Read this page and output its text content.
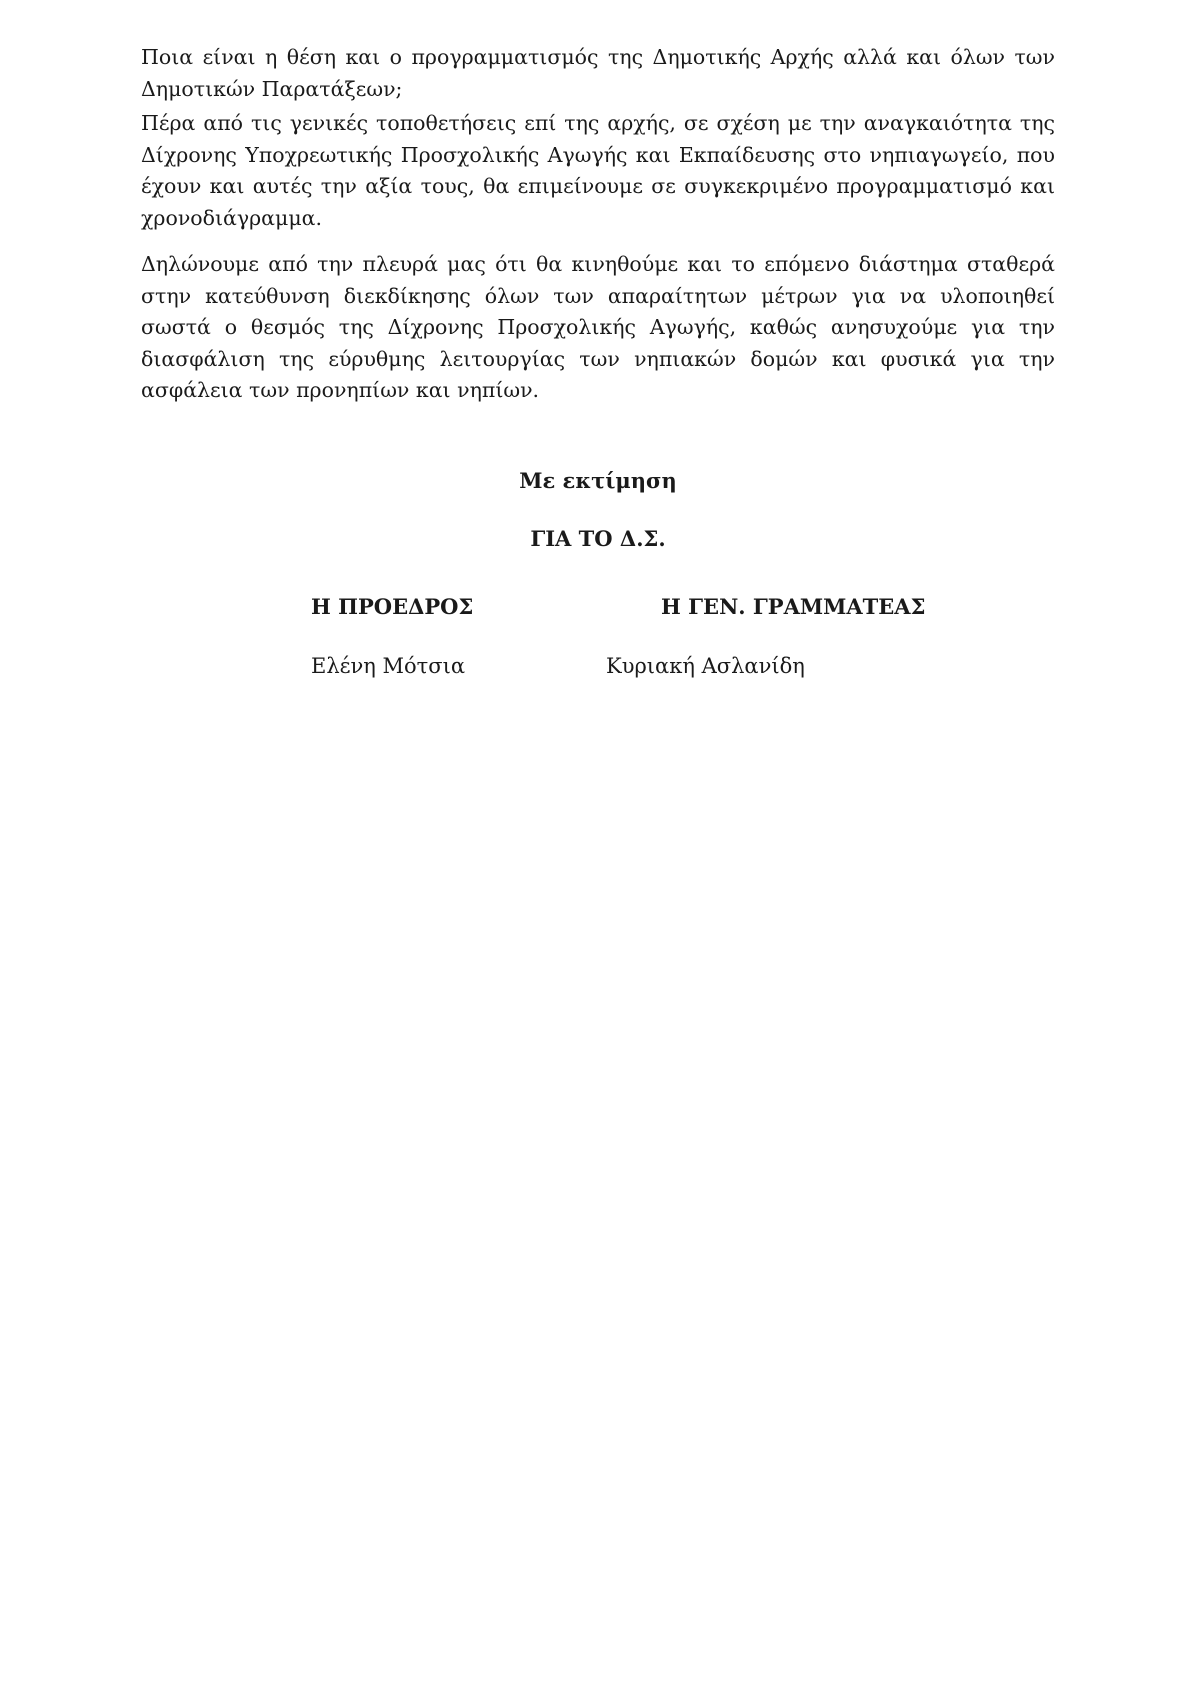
Ποια είναι η θέση και ο προγραμματισμός της Δημοτικής Αρχής αλλά και όλων των Δημοτικών Παρατάξεων;

Πέρα από τις γενικές τοποθετήσεις επί της αρχής, σε σχέση με την αναγκαιότητα της Δίχρονης Υποχρεωτικής Προσχολικής Αγωγής και Εκπαίδευσης στο νηπιαγωγείο, που έχουν και αυτές την αξία τους, θα επιμείνουμε σε συγκεκριμένο προγραμματισμό και χρονοδιάγραμμα.

Δηλώνουμε από την πλευρά μας ότι θα κινηθούμε και το επόμενο διάστημα σταθερά στην κατεύθυνση διεκδίκησης όλων των απαραίτητων μέτρων για να υλοποιηθεί σωστά ο θεσμός της Δίχρονης Προσχολικής Αγωγής, καθώς ανησυχούμε για την διασφάλιση της εύρυθμης λειτουργίας των νηπιακών δομών και φυσικά για την ασφάλεια των προνηπίων και νηπίων.

Με εκτίμηση
ΓΙΑ ΤΟ Δ.Σ.
Η ΠΡΟΕΔΡΟΣ	Η ΓΕΝ. ΓΡΑΜΜΑΤΕΑΣ
Ελένη Μότσια	Κυριακή Ασλανίδη
